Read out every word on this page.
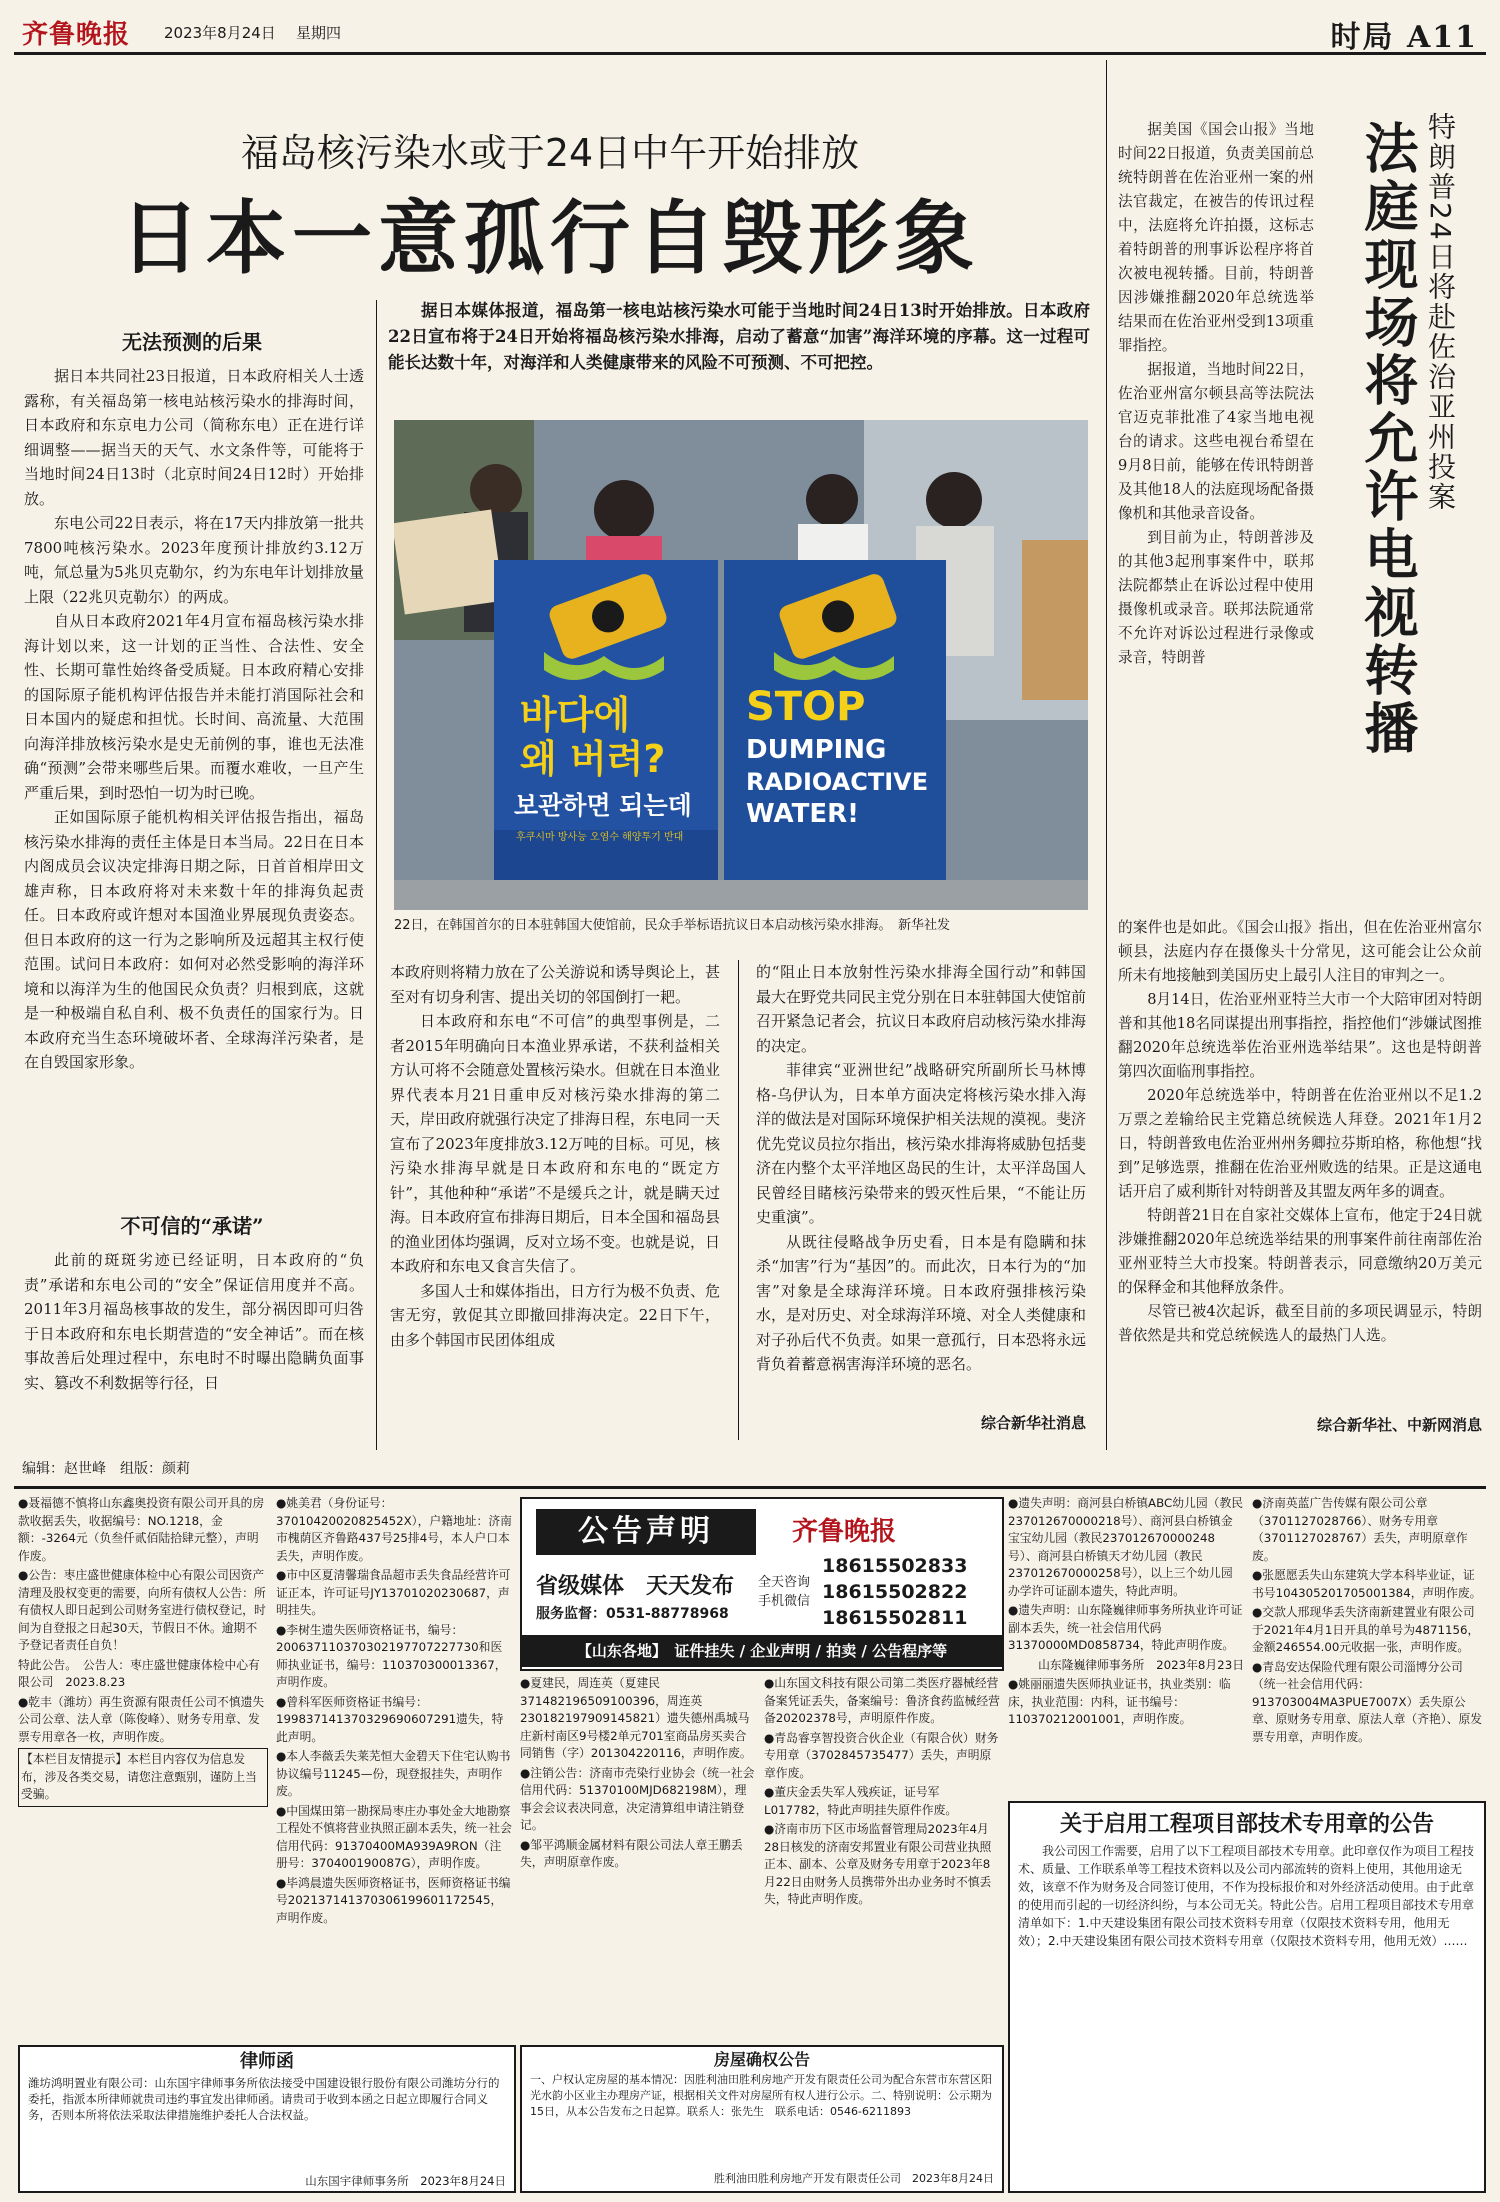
齐鲁晚报 2023年8月24日 星期四	时局 A11
福岛核污染水或于24日中午开始排放
日本一意孤行自毁形象

据日本媒体报道，福岛第一核电站核污染水可能于当地时间24日13时开始排放。日本政府22日宣布将于24日开始将福岛核污染水排海，启动了蓄意“加害”海洋环境的序幕。这一过程可能长达数十年，对海洋和人类健康带来的风险不可预测、不可把控。

无法预测的后果

据日本共同社23日报道，日本政府相关人士透露称，有关福岛第一核电站核污染水的排海时间，日本政府和东京电力公司（简称东电）正在进行详细调整——据当天的天气、水文条件等，可能将于当地时间24日13时（北京时间24日12时）开始排放。

东电公司22日表示，将在17天内排放第一批共7800吨核污染水。2023年度预计排放约3.12万吨，氚总量为5兆贝克勒尔，约为东电年计划排放量上限（22兆贝克勒尔）的两成。

自从日本政府2021年4月宣布福岛核污染水排海计划以来，这一计划的正当性、合法性、安全性、长期可靠性始终备受质疑。日本政府精心安排的国际原子能机构评估报告并未能打消国际社会和日本国内的疑虑和担忧。长时间、高流量、大范围向海洋排放核污染水是史无前例的事，谁也无法准确“预测”会带来哪些后果。而覆水难收，一旦产生严重后果，到时恐怕一切为时已晚。

正如国际原子能机构相关评估报告指出，福岛核污染水排海的责任主体是日本当局。22日在日本内阁成员会议决定排海日期之际，日首首相岸田文雄声称，日本政府将对未来数十年的排海负起责任。日本政府或许想对本国渔业界展现负责姿态。但日本政府的这一行为之影响所及远超其主权行使范围。试问日本政府：如何对必然受影响的海洋环境和以海洋为生的他国民众负责？归根到底，这就是一种极端自私自利、极不负责任的国家行为。日本政府充当生态环境破坏者、全球海洋污染者，是在自毁国家形象。

不可信的“承诺”

此前的斑斑劣迹已经证明，日本政府的“负责”承诺和东电公司的“安全”保证信用度并不高。2011年3月福岛核事故的发生，部分祸因即可归咎于日本政府和东电长期营造的“安全神话”。而在核事故善后处理过程中，东电时不时曝出隐瞒负面事实、篡改不利数据等行径，日

바다에
왜 버려?
보관하면 되는데
후쿠시마 방사능 오염수 해양투기 반대
STOP
DUMPING
RADIOACTIVE
WATER!
22日，在韩国首尔的日本驻韩国大使馆前，民众手举标语抗议日本启动核污染水排海。　新华社发

本政府则将精力放在了公关游说和诱导舆论上，甚至对有切身利害、提出关切的邻国倒打一耙。

日本政府和东电“不可信”的典型事例是，二者2015年明确向日本渔业界承诺，不获利益相关方认可将不会随意处置核污染水。但就在日本渔业界代表本月21日重申反对核污染水排海的第二天，岸田政府就强行决定了排海日程，东电同一天宣布了2023年度排放3.12万吨的目标。可见，核污染水排海早就是日本政府和东电的“既定方针”，其他种种“承诺”不是缓兵之计，就是瞒天过海。日本政府宣布排海日期后，日本全国和福岛县的渔业团体均强调，反对立场不变。也就是说，日本政府和东电又食言失信了。

多国人士和媒体指出，日方行为极不负责、危害无穷，敦促其立即撤回排海决定。22日下午，由多个韩国市民团体组成

的“阻止日本放射性污染水排海全国行动”和韩国最大在野党共同民主党分别在日本驻韩国大使馆前召开紧急记者会，抗议日本政府启动核污染水排海的决定。

菲律宾“亚洲世纪”战略研究所副所长马林博格-乌伊认为，日本单方面决定将核污染水排入海洋的做法是对国际环境保护相关法规的漠视。斐济优先党议员拉尔指出，核污染水排海将威胁包括斐济在内整个太平洋地区岛民的生计，太平洋岛国人民曾经目睹核污染带来的毁灭性后果，“不能让历史重演”。

从既往侵略战争历史看，日本是有隐瞒和抹杀“加害”行为“基因”的。而此次，日本行为的“加害”对象是全球海洋环境。日本政府强排核污染水，是对历史、对全球海洋环境、对全人类健康和对子孙后代不负责。如果一意孤行，日本恐将永远背负着蓄意祸害海洋环境的恶名。

综合新华社消息

据美国《国会山报》当地时间22日报道，负责美国前总统特朗普在佐治亚州一案的州法官裁定，在被告的传讯过程中，法庭将允许拍摄，这标志着特朗普的刑事诉讼程序将首次被电视转播。目前，特朗普因涉嫌推翻2020年总统选举结果而在佐治亚州受到13项重罪指控。

据报道，当地时间22日，佐治亚州富尔顿县高等法院法官迈克菲批准了4家当地电视台的请求。这些电视台希望在9月8日前，能够在传讯特朗普及其他18人的法庭现场配备摄像机和其他录音设备。

到目前为止，特朗普涉及的其他3起刑事案件中，联邦法院都禁止在诉讼过程中使用摄像机或录音。联邦法院通常不允许对诉讼过程进行录像或录音，特朗普	法庭现场将允许电视转播 特朗普24日将赴佐治亚州投案

的案件也是如此。《国会山报》指出，但在佐治亚州富尔顿县，法庭内存在摄像头十分常见，这可能会让公众前所未有地接触到美国历史上最引人注目的审判之一。

8月14日，佐治亚州亚特兰大市一个大陪审团对特朗普和其他18名同谋提出刑事指控，指控他们“涉嫌试图推翻2020年总统选举佐治亚州选举结果”。这也是特朗普第四次面临刑事指控。

2020年总统选举中，特朗普在佐治亚州以不足1.2万票之差输给民主党籍总统候选人拜登。2021年1月2日，特朗普致电佐治亚州州务卿拉芬斯珀格，称他想“找到”足够选票，推翻在佐治亚州败选的结果。正是这通电话开启了威利斯针对特朗普及其盟友两年多的调查。

特朗普21日在自家社交媒体上宣布，他定于24日就涉嫌推翻2020年总统选举结果的刑事案件前往南部佐治亚州亚特兰大市投案。特朗普表示，同意缴纳20万美元的保释金和其他释放条件。

尽管已被4次起诉，截至目前的多项民调显示，特朗普依然是共和党总统候选人的最热门人选。

综合新华社、中新网消息
编辑：赵世峰　组版：颜莉

●聂福德不慎将山东鑫奥投资有限公司开具的房款收据丢失，收据编号：NO.1218，金额：-3264元（负叁仟贰佰陆拾肆元整），声明作废。

●公告：枣庄盛世健康体检中心有限公司因资产清理及股权变更的需要，向所有债权人公告：所有债权人即日起到公司财务室进行债权登记，时间为自登报之日起30天，节假日不休。逾期不予登记者责任自负！

特此公告。　公告人：枣庄盛世健康体检中心有限公司　2023.8.23

●乾丰（潍坊）再生资源有限责任公司不慎遗失公司公章、法人章（陈俊峰）、财务专用章、发票专用章各一枚，声明作废。

【本栏目友情提示】本栏目内容仅为信息发布，涉及各类交易，请您注意甄别，谨防上当受骗。

●姚美君（身份证号：37010420020825452X），户籍地址：济南市槐荫区齐鲁路437号25排4号，本人户口本丢失，声明作废。

●市中区夏清馨瑞食品超市丢失食品经营许可证正本，许可证号JY13701020230687，声明挂失。

●李树生遗失医师资格证书，编号：200637110370302197707227730和医师执业证书，编号：110370300013367，声明作废。

●曾科军医师资格证书编号：199837141370329690607291遗失，特此声明。

●本人李薇丢失莱芜恒大金碧天下住宅认购书协议编号11245—份，现登报挂失，声明作废。

●中国煤田第一勘探局枣庄办事处金大地勘察工程处不慎将营业执照正副本丢失，统一社会信用代码：91370400MA939A9RON（注册号：370400190087G），声明作废。

●毕鸿晨遗失医师资格证书，医师资格证书编号202137141370306199601172545，声明作废。

公告声明	齐鲁晚报
省级媒体　天天发布
服务监督：0531-88778968
全天咨询 手机微信
18615502833
18615502822
18615502811
【山东各地】　证件挂失 / 企业声明 / 拍卖 / 公告程序等

●夏建民，周连英（夏建民371482196509100396，周连英230182197909145821）遗失德州禹城马庄新村南区9号楼2单元701室商品房买卖合同销售（字）201304220116，声明作废。

●注销公告：济南市壳染行业协会（统一社会信用代码：51370100MJD682198M），理事会会议表决同意，决定清算组申请注销登记。

●邹平鸿顺金属材料有限公司法人章王鹏丢失，声明原章作废。

●山东国文科技有限公司第二类医疗器械经营备案凭证丢失，备案编号：鲁济食药监械经营备20202378号，声明原件作废。

●青岛睿享智投资合伙企业（有限合伙）财务专用章（3702845735477）丢失，声明原章作废。

●董庆金丢失军人残疾证，证号军L017782，特此声明挂失原件作废。

●济南市历下区市场监督管理局2023年4月28日核发的济南安邦置业有限公司营业执照正本、副本、公章及财务专用章于2023年8月22日由财务人员携带外出办业务时不慎丢失，特此声明作废。

●遗失声明：商河县白桥镇ABC幼儿园（教民237012670000218号）、商河县白桥镇金宝宝幼儿园（教民237012670000248号）、商河县白桥镇天才幼儿园（教民237012670000258号），以上三个幼儿园办学许可证副本遗失，特此声明。

●遗失声明：山东隆巍律师事务所执业许可证副本丢失，统一社会信用代码31370000MD0858734，特此声明作废。

山东隆巍律师事务所　2023年8月23日

●姚丽丽遗失医师执业证书，执业类别：临床，执业范围：内科，证书编号：110370212001001，声明作废。

●济南英蓝广告传媒有限公司公章（3701127028766）、财务专用章（3701127028767）丢失，声明原章作废。

●张愿愿丢失山东建筑大学本科毕业证，证书号104305201705001384，声明作废。

●交款人邢现华丢失济南新建置业有限公司于2021年4月1日开具的单号为4871156，金额246554.00元收据一张，声明作废。

●青岛安达保险代理有限公司淄博分公司（统一社会信用代码：913703004MA3PUE7007X）丢失原公章、原财务专用章、原法人章（齐艳）、原发票专用章，声明作废。

关于启用工程项目部技术专用章的公告
我公司因工作需要，启用了以下工程项目部技术专用章。此印章仅作为项目工程技术、质量、工作联系单等工程技术资料以及公司内部流转的资料上使用，其他用途无效，该章不作为财务及合同签订使用，不作为投标报价和对外经济活动使用。由于此章的使用而引起的一切经济纠纷，与本公司无关。特此公告。启用工程项目部技术专用章清单如下：1.中天建设集团有限公司技术资料专用章（仅限技术资料专用，他用无效）；2.中天建设集团有限公司技术资料专用章（仅限技术资料专用，他用无效）……
律师函
潍坊鸿明置业有限公司：山东国宇律师事务所依法接受中国建设银行股份有限公司潍坊分行的委托，指派本所律师就贵司违约事宜发出律师函。请贵司于收到本函之日起立即履行合同义务，否则本所将依法采取法律措施维护委托人合法权益。
山东国宇律师事务所　2023年8月24日
房屋确权公告
一、户权认定房屋的基本情况：因胜利油田胜利房地产开发有限责任公司为配合东营市东营区阳光水韵小区业主办理房产证，根据相关文件对房屋所有权人进行公示。二、特别说明：公示期为15日，从本公告发布之日起算。联系人：张先生　联系电话：0546-6211893
胜利油田胜利房地产开发有限责任公司　2023年8月24日
